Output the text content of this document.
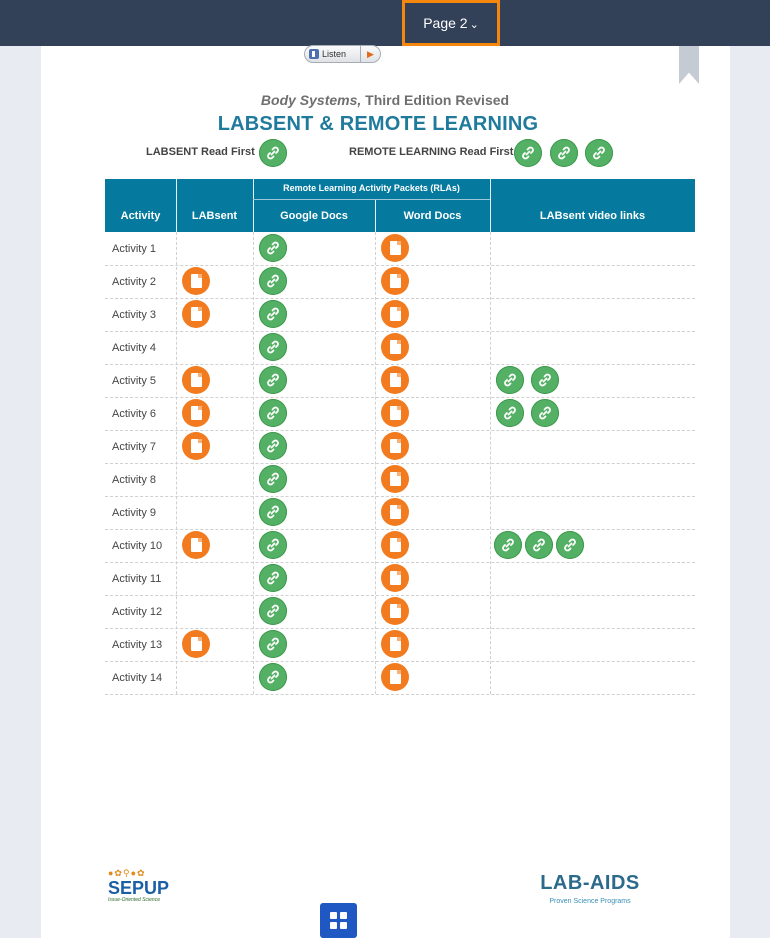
Page 2 ⌄
Listen	▶
Body Systems, Third Edition Revised
LABSENT & REMOTE LEARNING
LABSENT Read First	REMOTE LEARNING Read First
Remote Learning Activity Packets (RLAs)
Activity	LABsent	Google Docs	Word Docs	LABsent video links
Activity 1
Activity 2
Activity 3
Activity 4
Activity 5
Activity 6
Activity 7
Activity 8
Activity 9
Activity 10
Activity 11
Activity 12
Activity 13
Activity 14
●✿⚲●✿
SEPUP
Issue-Oriented Science
LAB-AIDS
Proven Science Programs
